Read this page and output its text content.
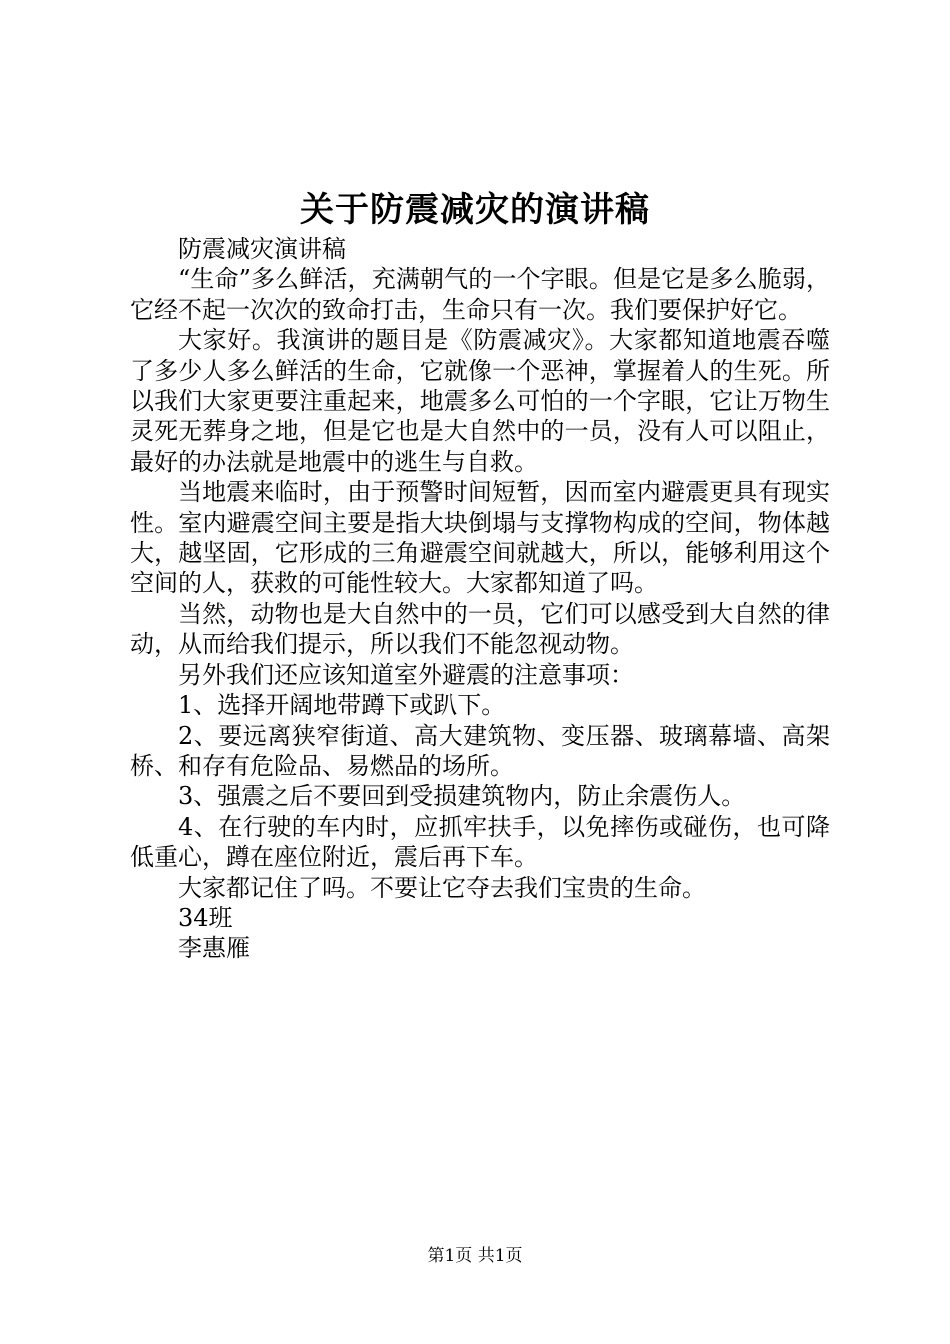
关于防震减灾的演讲稿

防震减灾演讲稿

“生命”多么鲜活，充满朝气的一个字眼。但是它是多么脆弱，它经不起一次次的致命打击，生命只有一次。我们要保护好它。

大家好。我演讲的题目是《防震减灾》。大家都知道地震吞噬了多少人多么鲜活的生命，它就像一个恶神，掌握着人的生死。所以我们大家更要注重起来，地震多么可怕的一个字眼，它让万物生灵死无葬身之地，但是它也是大自然中的一员，没有人可以阻止，最好的办法就是地震中的逃生与自救。

当地震来临时，由于预警时间短暂，因而室内避震更具有现实性。室内避震空间主要是指大块倒塌与支撑物构成的空间，物体越大，越坚固，它形成的三角避震空间就越大，所以，能够利用这个空间的人，获救的可能性较大。大家都知道了吗。

当然，动物也是大自然中的一员，它们可以感受到大自然的律动，从而给我们提示，所以我们不能忽视动物。

另外我们还应该知道室外避震的注意事项：

1、选择开阔地带蹲下或趴下。

2、要远离狭窄街道、高大建筑物、变压器、玻璃幕墙、高架桥、和存有危险品、易燃品的场所。

3、强震之后不要回到受损建筑物内，防止余震伤人。

4、在行驶的车内时，应抓牢扶手，以免摔伤或碰伤，也可降低重心，蹲在座位附近，震后再下车。

大家都记住了吗。不要让它夺去我们宝贵的生命。

34班

李惠雁

第1页 共1页
